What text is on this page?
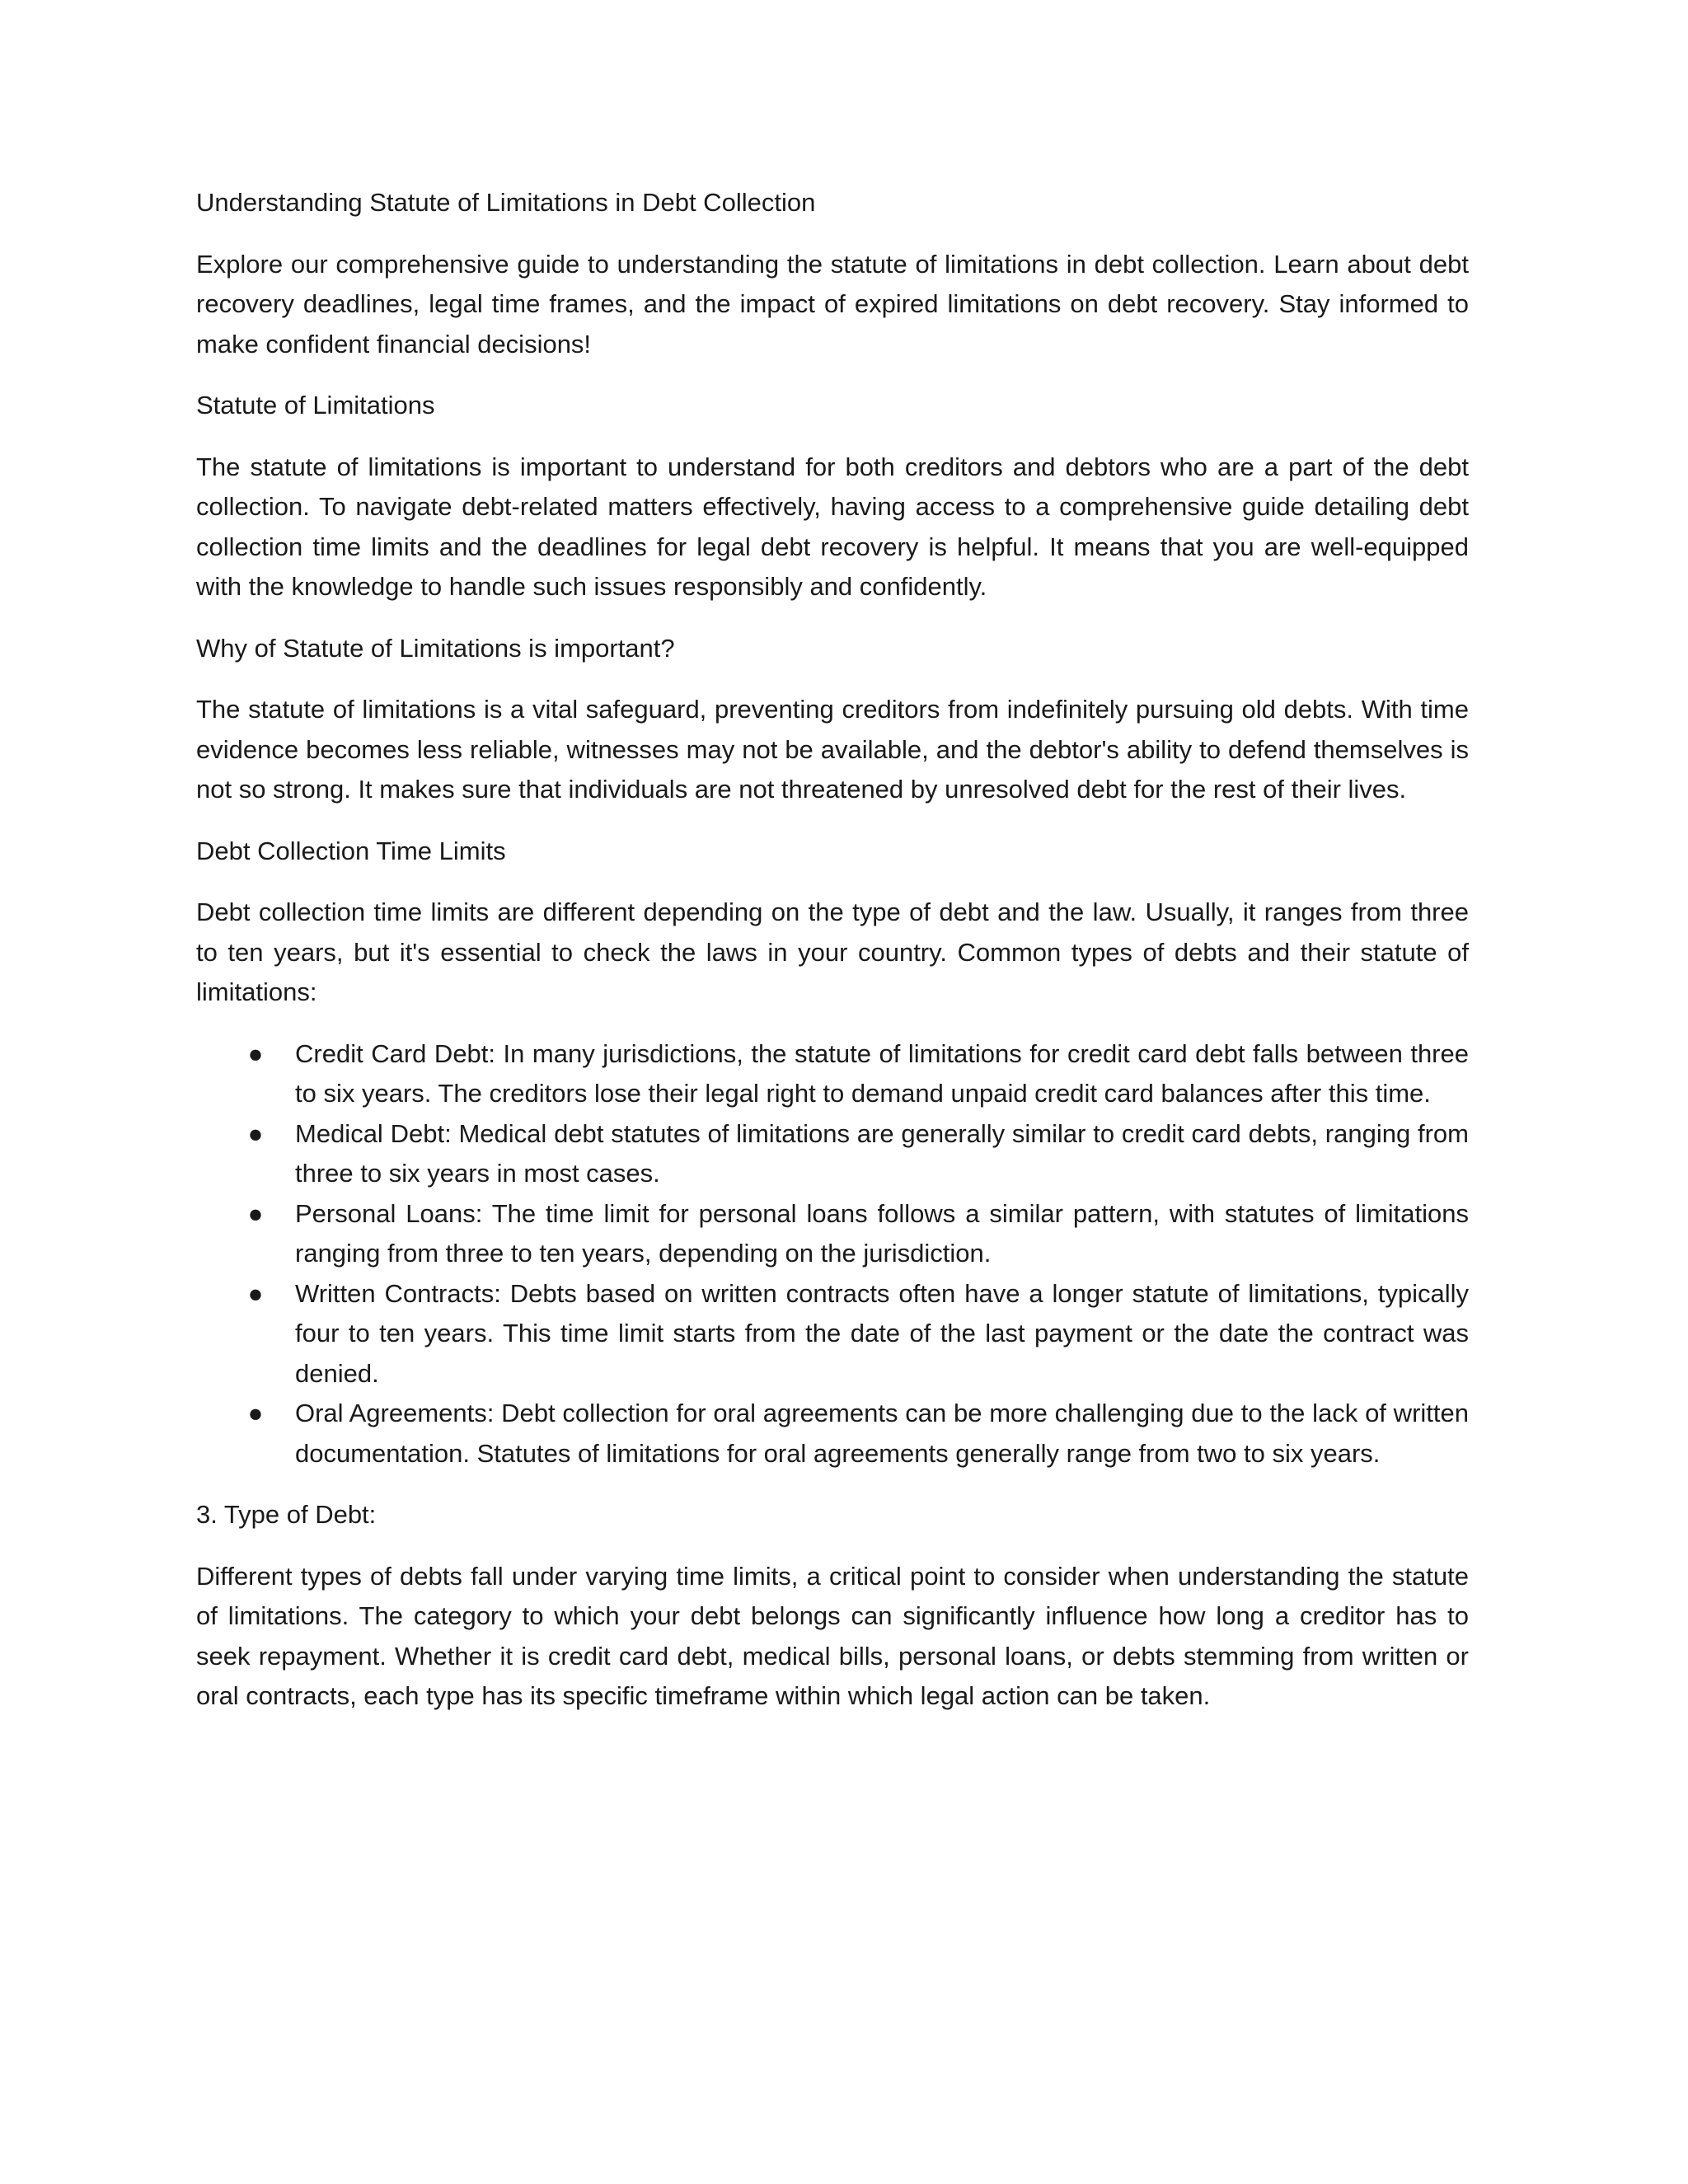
Understanding Statute of Limitations in Debt Collection

Explore our comprehensive guide to understanding the statute of limitations in debt collection. Learn about debt recovery deadlines, legal time frames, and the impact of expired limitations on debt recovery. Stay informed to make confident financial decisions!

Statute of Limitations

The statute of limitations is important to understand for both creditors and debtors who are a part of the debt collection. To navigate debt-related matters effectively, having access to a comprehensive guide detailing debt collection time limits and the deadlines for legal debt recovery is helpful. It means that you are well-equipped with the knowledge to handle such issues responsibly and confidently.

Why of Statute of Limitations is important?

The statute of limitations is a vital safeguard, preventing creditors from indefinitely pursuing old debts. With time evidence becomes less reliable, witnesses may not be available, and the debtor's ability to defend themselves is not so strong. It makes sure that individuals are not threatened by unresolved debt for the rest of their lives.

Debt Collection Time Limits

Debt collection time limits are different depending on the type of debt and the law. Usually, it ranges from three to ten years, but it's essential to check the laws in your country. Common types of debts and their statute of limitations:

● Credit Card Debt: In many jurisdictions, the statute of limitations for credit card debt falls between three to six years. The creditors lose their legal right to demand unpaid credit card balances after this time.
● Medical Debt: Medical debt statutes of limitations are generally similar to credit card debts, ranging from three to six years in most cases.
● Personal Loans: The time limit for personal loans follows a similar pattern, with statutes of limitations ranging from three to ten years, depending on the jurisdiction.
● Written Contracts: Debts based on written contracts often have a longer statute of limitations, typically four to ten years. This time limit starts from the date of the last payment or the date the contract was denied.
● Oral Agreements: Debt collection for oral agreements can be more challenging due to the lack of written documentation. Statutes of limitations for oral agreements generally range from two to six years.

3. Type of Debt:

Different types of debts fall under varying time limits, a critical point to consider when understanding the statute of limitations. The category to which your debt belongs can significantly influence how long a creditor has to seek repayment. Whether it is credit card debt, medical bills, personal loans, or debts stemming from written or oral contracts, each type has its specific timeframe within which legal action can be taken.
